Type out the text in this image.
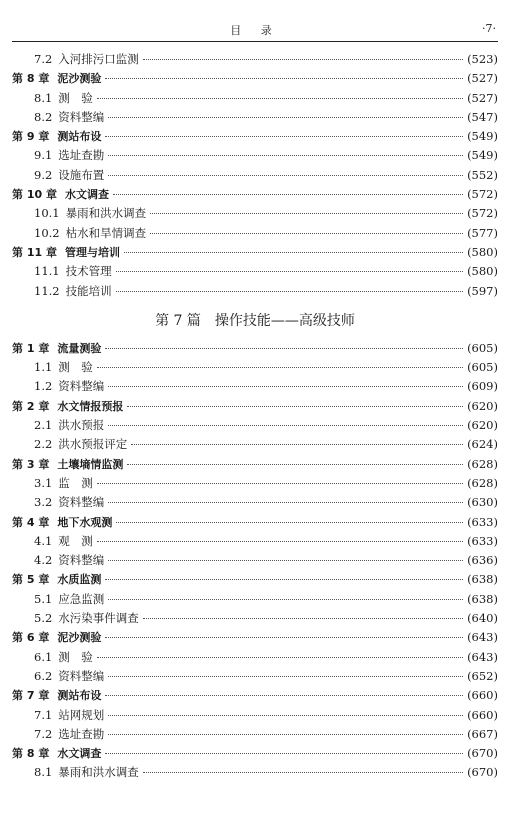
目 录	·7·
7.2 入河排污口监测	(523)
第 8 章 泥沙测验	(527)
8.1 测　验	(527)
8.2 资料整编	(547)
第 9 章 测站布设	(549)
9.1 选址查勘	(549)
9.2 设施布置	(552)
第 10 章 水文调查	(572)
10.1 暴雨和洪水调查	(572)
10.2 枯水和旱情调查	(577)
第 11 章 管理与培训	(580)
11.1 技术管理	(580)
11.2 技能培训	(597)
第 7 篇　操作技能——高级技师
第 1 章 流量测验	(605)
1.1 测　验	(605)
1.2 资料整编	(609)
第 2 章 水文情报预报	(620)
2.1 洪水预报	(620)
2.2 洪水预报评定	(624)
第 3 章 土壤墒情监测	(628)
3.1 监　测	(628)
3.2 资料整编	(630)
第 4 章 地下水观测	(633)
4.1 观　测	(633)
4.2 资料整编	(636)
第 5 章 水质监测	(638)
5.1 应急监测	(638)
5.2 水污染事件调查	(640)
第 6 章 泥沙测验	(643)
6.1 测　验	(643)
6.2 资料整编	(652)
第 7 章 测站布设	(660)
7.1 站网规划	(660)
7.2 选址查勘	(667)
第 8 章 水文调查	(670)
8.1 暴雨和洪水调查	(670)
